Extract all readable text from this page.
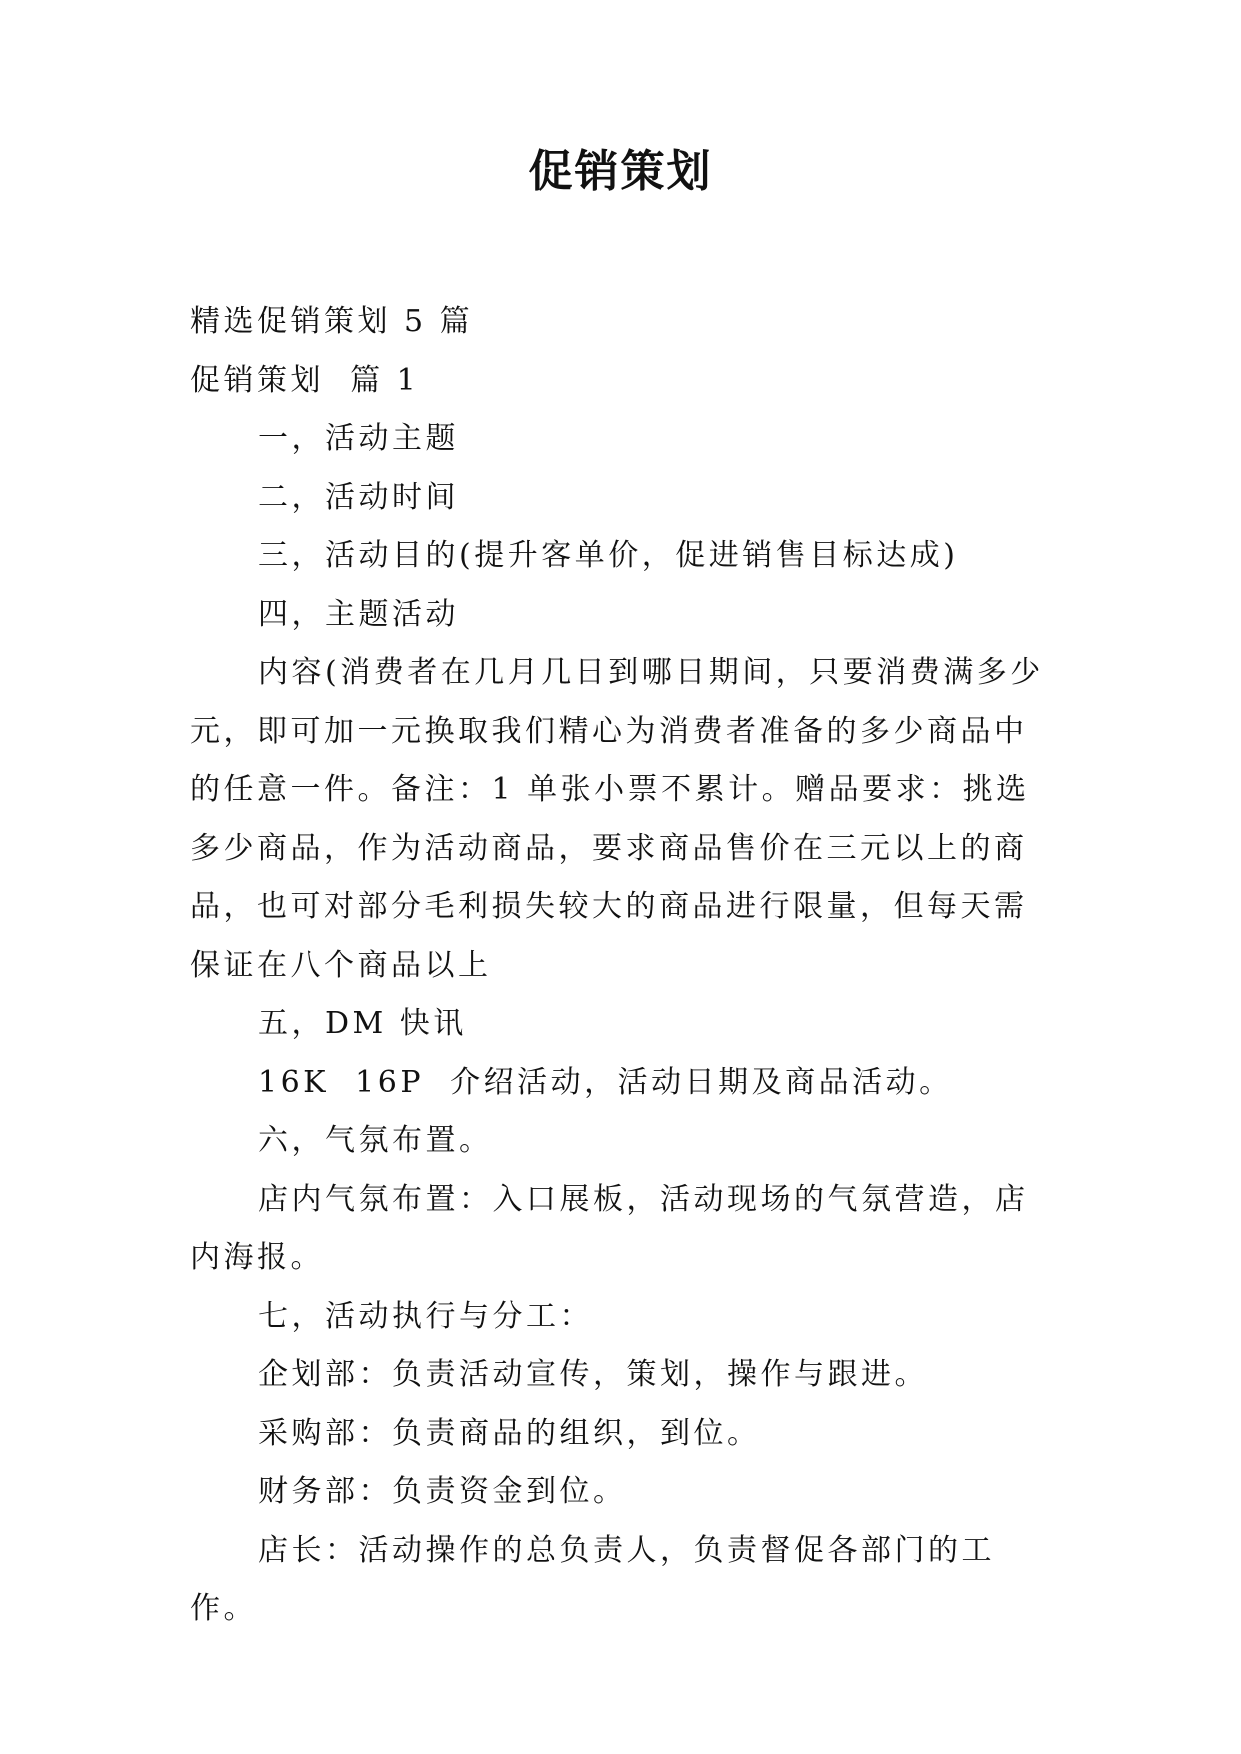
促销策划

精选促销策划 5 篇

促销策划  篇 1

一，活动主题

二，活动时间

三，活动目的(提升客单价，促进销售目标达成)

四，主题活动

内容(消费者在几月几日到哪日期间，只要消费满多少元，即可加一元换取我们精心为消费者准备的多少商品中的任意一件。备注：1 单张小票不累计。赠品要求：挑选多少商品，作为活动商品，要求商品售价在三元以上的商品，也可对部分毛利损失较大的商品进行限量，但每天需保证在八个商品以上

五，DM 快讯

16K  16P  介绍活动，活动日期及商品活动。

六，气氛布置。

店内气氛布置：入口展板，活动现场的气氛营造，店内海报。

七，活动执行与分工：

企划部：负责活动宣传，策划，操作与跟进。

采购部：负责商品的组织，到位。

财务部：负责资金到位。

店长：活动操作的总负责人，负责督促各部门的工作。
